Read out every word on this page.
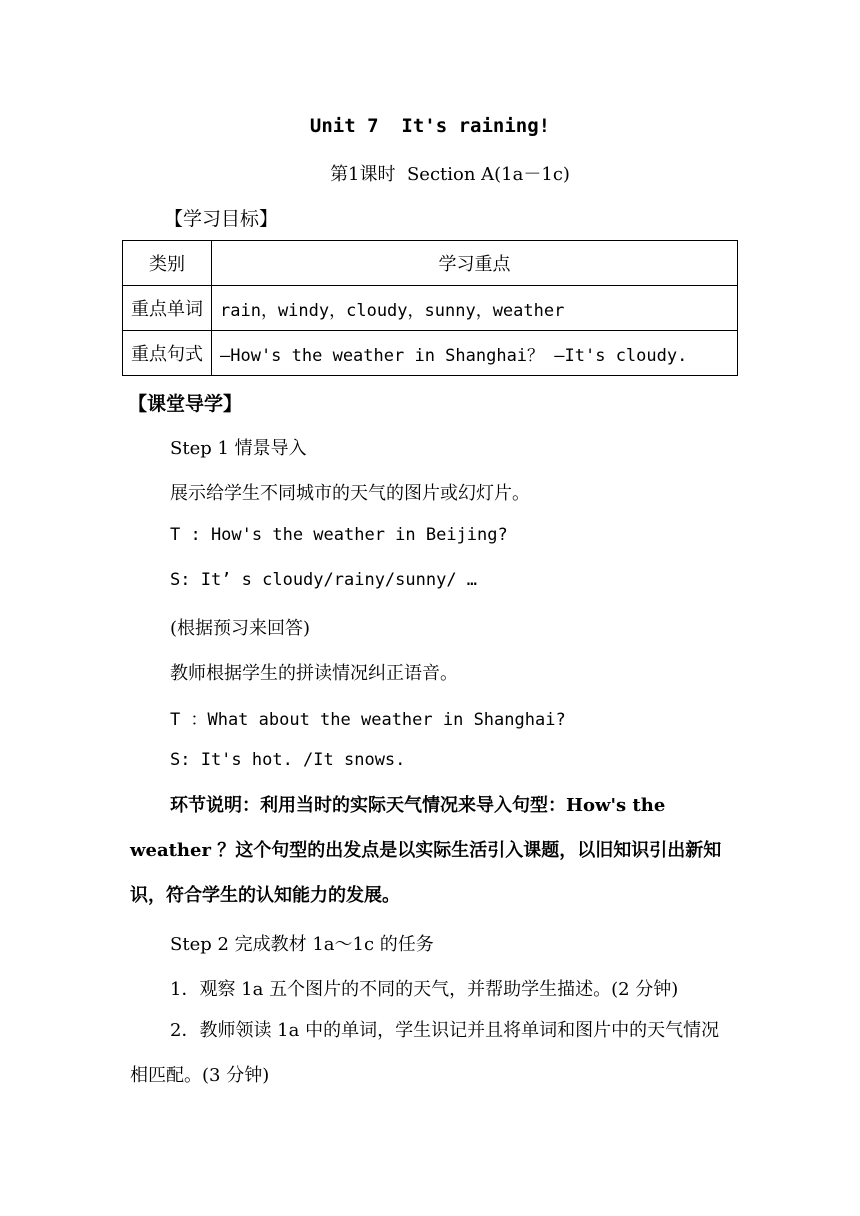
Unit 7  It's raining!
第1课时  Section A(1a－1c)
【学习目标】
类别	学习重点
重点单词	rain，windy，cloudy，sunny，weather
重点句式	—How's the weather in Shanghai？ —It's cloudy.
【课堂导学】
Step 1 情景导入
展示给学生不同城市的天气的图片或幻灯片。
T : How's the weather in Beijing?
S: It’ s cloudy/rainy/sunny/ …
(根据预习来回答)
教师根据学生的拼读情况纠正语音。
T ：What about the weather in Shanghai?
S: It's hot. /It snows.
环节说明：利用当时的实际天气情况来导入句型：How's the weather ？这个句型的出发点是以实际生活引入课题，以旧知识引出新知识，符合学生的认知能力的发展。
Step 2 完成教材 1a～1c 的任务
1．观察 1a 五个图片的不同的天气，并帮助学生描述。(2 分钟)
2．教师领读 1a 中的单词，学生识记并且将单词和图片中的天气情况相匹配。(3 分钟)
